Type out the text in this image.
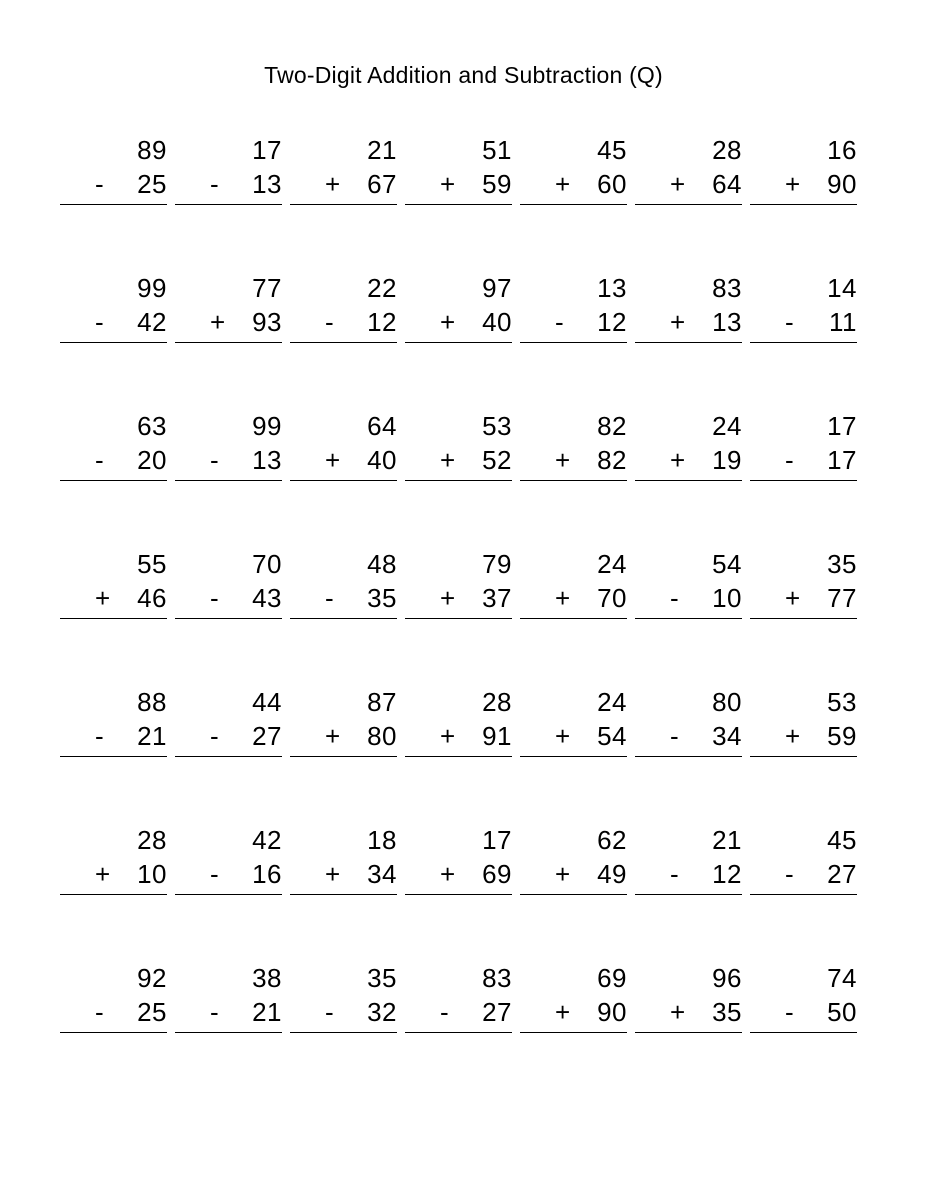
Two-Digit Addition and Subtraction (Q)
89
-	25
17
-	13
21
+	67
51
+	59
45
+	60
28
+	64
16
+	90
99
-	42
77
+	93
22
-	12
97
+	40
13
-	12
83
+	13
14
-	11
63
-	20
99
-	13
64
+	40
53
+	52
82
+	82
24
+	19
17
-	17
55
+	46
70
-	43
48
-	35
79
+	37
24
+	70
54
-	10
35
+	77
88
-	21
44
-	27
87
+	80
28
+	91
24
+	54
80
-	34
53
+	59
28
+	10
42
-	16
18
+	34
17
+	69
62
+	49
21
-	12
45
-	27
92
-	25
38
-	21
35
-	32
83
-	27
69
+	90
96
+	35
74
-	50
